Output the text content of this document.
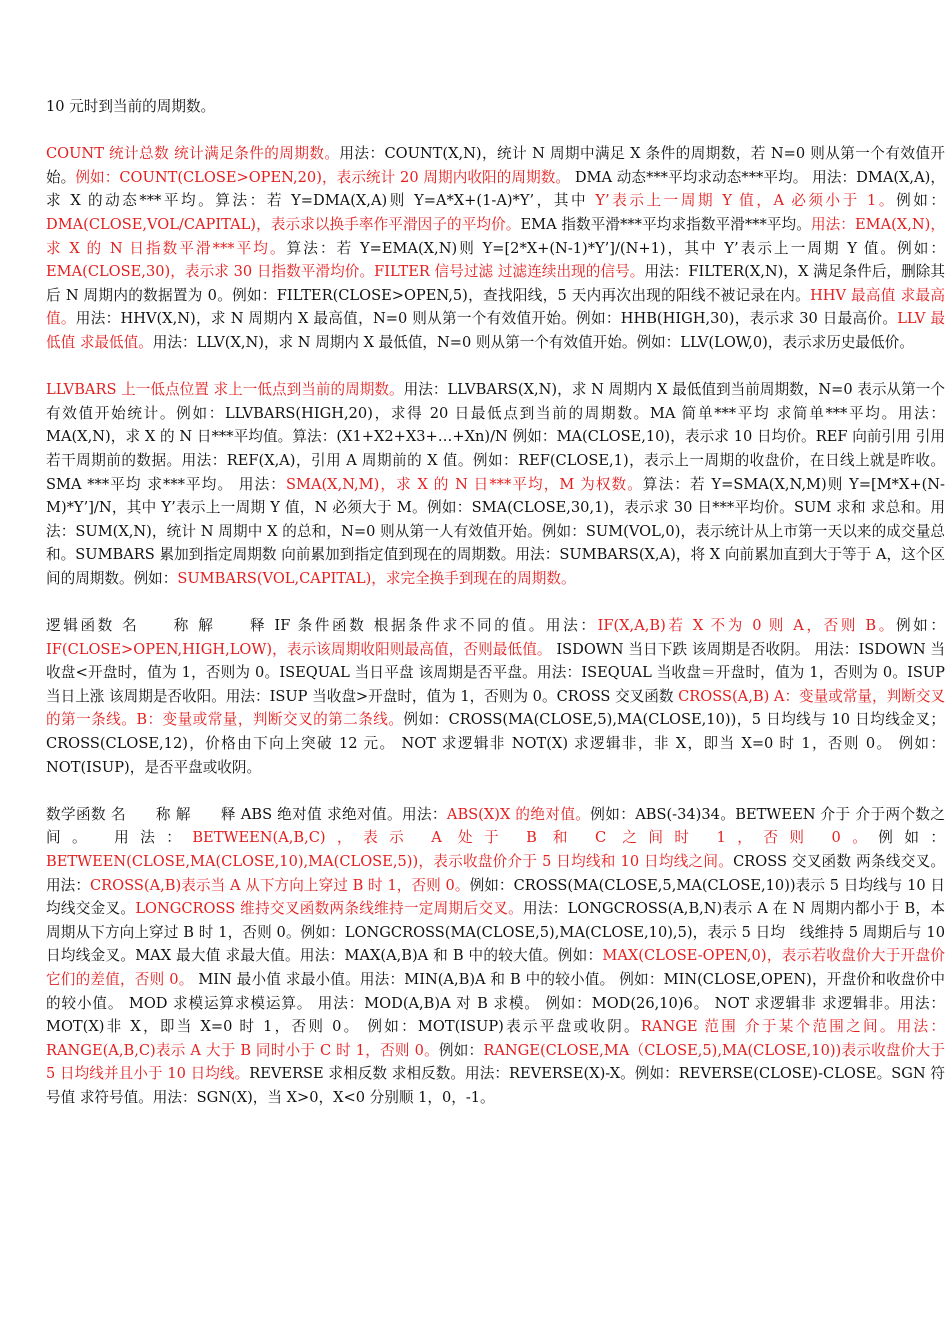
10 元时到当前的周期数。

COUNT 统计总数 统计满足条件的周期数。用法：COUNT(X,N)，统计 N 周期中满足 X 条件的周期数，若 N=0 则从第一个有效值开始。例如：COUNT(CLOSE>OPEN,20)，表示统计 20 周期内收阳的周期数。 DMA 动态***平均求动态***平均。 用法：DMA(X,A)，求 X 的动态***平均。算法：若 Y=DMA(X,A)则 Y=A*X+(1-A)*Y’，其中 Y’表示上一周期 Y 值，A 必须小于 1。例如：DMA(CLOSE,VOL/CAPITAL)，表示求以换手率作平滑因子的平均价。EMA 指数平滑***平均求指数平滑***平均。用法：EMA(X,N)，求 X 的 N 日指数平滑***平均。算法：若 Y=EMA(X,N)则 Y=[2*X+(N-1)*Y’]/(N+1)，其中 Y’表示上一周期 Y 值。例如：EMA(CLOSE,30)，表示求 30 日指数平滑均价。FILTER 信号过滤 过滤连续出现的信号。用法：FILTER(X,N)，X 满足条件后，删除其后 N 周期内的数据置为 0。例如：FILTER(CLOSE>OPEN,5)，查找阳线，5 天内再次出现的阳线不被记录在内。HHV 最高值 求最高值。用法：HHV(X,N)，求 N 周期内 X 最高值，N=0 则从第一个有效值开始。例如：HHB(HIGH,30)，表示求 30 日最高价。LLV 最低值 求最低值。用法：LLV(X,N)，求 N 周期内 X 最低值，N=0 则从第一个有效值开始。例如：LLV(LOW,0)，表示求历史最低价。

LLVBARS 上一低点位置 求上一低点到当前的周期数。用法：LLVBARS(X,N)，求 N 周期内 X 最低值到当前周期数，N=0 表示从第一个有效值开始统计。例如：LLVBARS(HIGH,20)，求得 20 日最低点到当前的周期数。MA 简单***平均 求简单***平均。用法：MA(X,N)，求 X 的 N 日***平均值。算法：(X1+X2+X3+…+Xn)/N 例如：MA(CLOSE,10)，表示求 10 日均价。REF 向前引用 引用若干周期前的数据。用法：REF(X,A)，引用 A 周期前的 X 值。例如：REF(CLOSE,1)，表示上一周期的收盘价，在日线上就是昨收。 SMA ***平均 求***平均。 用法：SMA(X,N,M)，求 X 的 N 日***平均，M 为权数。算法：若 Y=SMA(X,N,M)则 Y=[M*X+(N-M)*Y’]/N，其中 Y’表示上一周期 Y 值，N 必须大于 M。例如：SMA(CLOSE,30,1)，表示求 30 日***平均价。SUM 求和 求总和。用法：SUM(X,N)，统计 N 周期中 X 的总和，N=0 则从第一人有效值开始。例如：SUM(VOL,0)，表示统计从上市第一天以来的成交量总和。SUMBARS 累加到指定周期数 向前累加到指定值到现在的周期数。用法：SUMBARS(X,A)，将 X 向前累加直到大于等于 A，这个区间的周期数。例如：SUMBARS(VOL,CAPITAL)，求完全换手到现在的周期数。

逻辑函数 名　　称 解　　释 IF 条件函数 根据条件求不同的值。用法：IF(X,A,B)若 X 不为 0 则 A，否则 B。例如：IF(CLOSE>OPEN,HIGH,LOW)，表示该周期收阳则最高值，否则最低值。 ISDOWN 当日下跌 该周期是否收阴。 用法：ISDOWN 当收盘<开盘时，值为 1，否则为 0。ISEQUAL 当日平盘 该周期是否平盘。用法：ISEQUAL 当收盘＝开盘时，值为 1，否则为 0。ISUP 当日上涨 该周期是否收阳。用法：ISUP 当收盘>开盘时，值为 1，否则为 0。CROSS 交叉函数 CROSS(A,B) A：变量或常量，判断交叉的第一条线。B：变量或常量，判断交叉的第二条线。例如：CROSS(MA(CLOSE,5),MA(CLOSE,10))，5 日均线与 10 日均线金叉；CROSS(CLOSE,12)，价格由下向上突破 12 元。 NOT 求逻辑非 NOT(X) 求逻辑非，非 X，即当 X=0 时 1，否则 0。 例如：NOT(ISUP)，是否平盘或收阴。

数学函数 名　　称 解　　释 ABS 绝对值 求绝对值。用法：ABS(X)X 的绝对值。例如：ABS(-34)34。BETWEEN 介于 介于两个数之间。 用法：BETWEEN(A,B,C)，表示 A 处于 B 和 C 之间时 1，否则 0。例如：BETWEEN(CLOSE,MA(CLOSE,10),MA(CLOSE,5))，表示收盘价介于 5 日均线和 10 日均线之间。CROSS 交叉函数 两条线交叉。用法：CROSS(A,B)表示当 A 从下方向上穿过 B 时 1，否则 0。例如：CROSS(MA(CLOSE,5,MA(CLOSE,10))表示 5 日均线与 10 日均线交金叉。LONGCROSS 维持交叉函数两条线维持一定周期后交叉。用法：LONGCROSS(A,B,N)表示 A 在 N 周期内都小于 B，本周期从下方向上穿过 B 时 1，否则 0。例如：LONGCROSS(MA(CLOSE,5),MA(CLOSE,10),5)，表示 5 日均　线维持 5 周期后与 10 日均线金叉。MAX 最大值 求最大值。用法：MAX(A,B)A 和 B 中的较大值。例如：MAX(CLOSE-OPEN,0)，表示若收盘价大于开盘价它们的差值，否则 0。 MIN 最小值 求最小值。用法：MIN(A,B)A 和 B 中的较小值。 例如：MIN(CLOSE,OPEN)，开盘价和收盘价中的较小值。 MOD 求模运算求模运算。 用法：MOD(A,B)A 对 B 求模。 例如：MOD(26,10)6。 NOT 求逻辑非 求逻辑非。用法：MOT(X)非 X，即当 X=0 时 1，否则 0。 例如：MOT(ISUP)表示平盘或收阴。RANGE 范围 介于某个范围之间。用法：RANGE(A,B,C)表示 A 大于 B 同时小于 C 时 1，否则 0。例如：RANGE(CLOSE,MA（CLOSE,5),MA(CLOSE,10))表示收盘价大于 5 日均线并且小于 10 日均线。REVERSE 求相反数 求相反数。用法：REVERSE(X)-X。例如：REVERSE(CLOSE)-CLOSE。SGN 符号值 求符号值。用法：SGN(X)，当 X>0，X<0 分别顺 1，0，-1。
